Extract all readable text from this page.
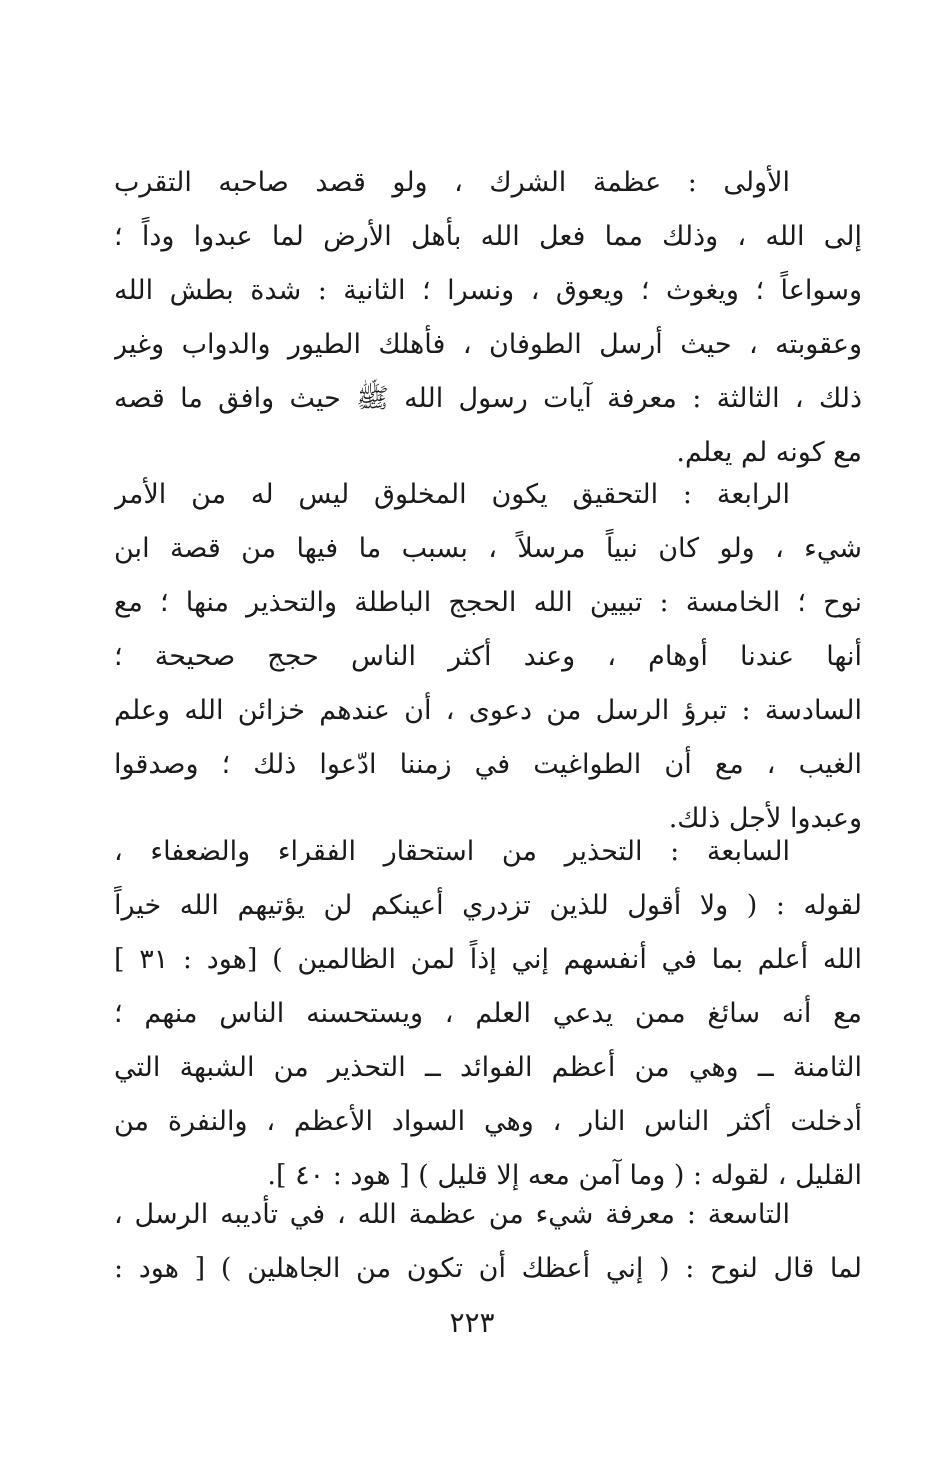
الأولى : عظمة الشرك ، ولو قصد صاحبه التقرب
إلى الله ، وذلك مما فعل الله بأهل الأرض لما عبدوا وداً ؛
وسواعاً ؛ ويغوث ؛ ويعوق ، ونسرا ؛ الثانية : شدة بطش الله
وعقوبته ، حيث أرسل الطوفان ، فأهلك الطيور والدواب وغير
ذلك ، الثالثة : معرفة آيات رسول الله ﷺ حيث وافق ما قصه
مع كونه لم يعلم.
الرابعة : التحقيق يكون المخلوق ليس له من الأمر
شيء ، ولو كان نبياً مرسلاً ، بسبب ما فيها من قصة ابن
نوح ؛ الخامسة : تبيين الله الحجج الباطلة والتحذير منها ؛ مع
أنها عندنا أوهام ، وعند أكثر الناس حجج صحيحة ؛
السادسة : تبرؤ الرسل من دعوى ، أن عندهم خزائن الله وعلم
الغيب ، مع أن الطواغيت في زمننا ادّعوا ذلك ؛ وصدقوا
وعبدوا لأجل ذلك.
السابعة : التحذير من استحقار الفقراء والضعفاء ،
لقوله : ( ولا أقول للذين تزدري أعينكم لن يؤتيهم الله خيراً
الله أعلم بما في أنفسهم إني إذاً لمن الظالمين ) [هود : ٣١ ]
مع أنه سائغ ممن يدعي العلم ، ويستحسنه الناس منهم ؛
الثامنة ــ وهي من أعظم الفوائد ــ التحذير من الشبهة التي
أدخلت أكثر الناس النار ، وهي السواد الأعظم ، والنفرة من
القليل ، لقوله : ( وما آمن معه إلا قليل ) [ هود : ٤٠ ].
التاسعة : معرفة شيء من عظمة الله ، في تأديبه الرسل ،
لما قال لنوح : ( إني أعظك أن تكون من الجاهلين ) [ هود :
٢٢٣
